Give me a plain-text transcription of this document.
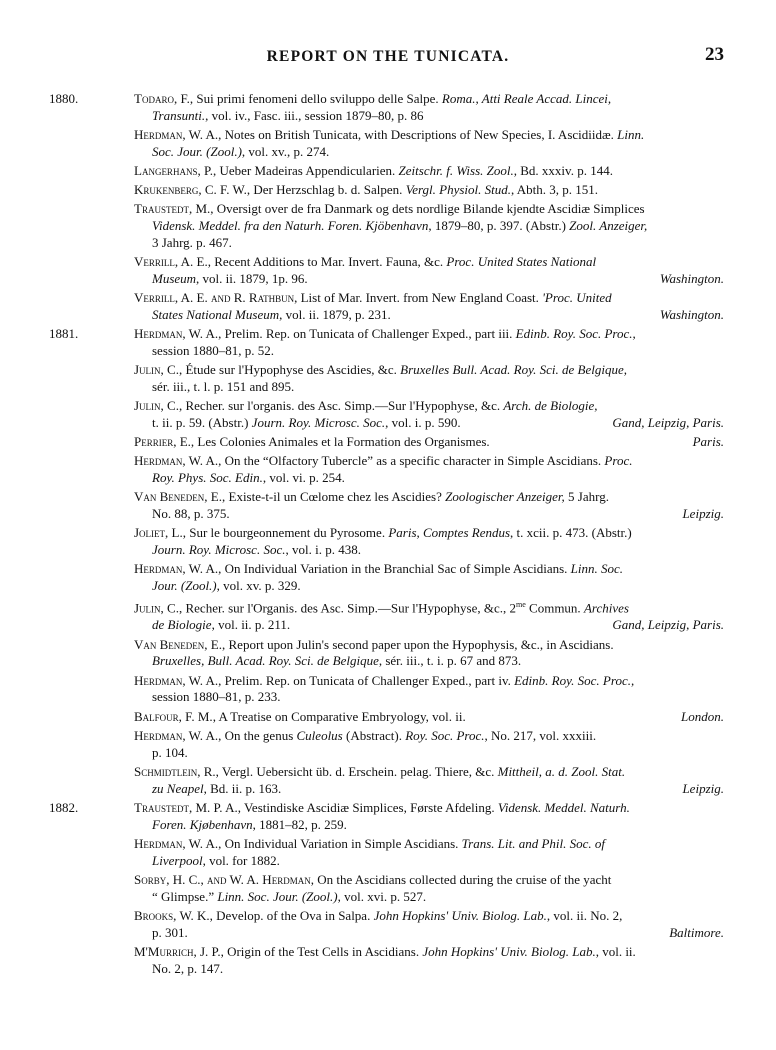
REPORT ON THE TUNICATA.	23
1880.	Todaro, F., Sui primi fenomeni dello sviluppo delle Salpe. Roma., Atti Reale Accad. Lincei,
Transunti., vol. iv., Fasc. iii., session 1879–80, p. 86
Herdman, W. A., Notes on British Tunicata, with Descriptions of New Species, I. Ascidiidæ. Linn.
Soc. Jour. (Zool.), vol. xv., p. 274.
Langerhans, P., Ueber Madeiras Appendicularien. Zeitschr. f. Wiss. Zool., Bd. xxxiv. p. 144.
Krukenberg, C. F. W., Der Herzschlag b. d. Salpen. Vergl. Physiol. Stud., Abth. 3, p. 151.
Traustedt, M., Oversigt over de fra Danmark og dets nordlige Bilande kjendte Ascidiæ Simplices
Vidensk. Meddel. fra den Naturh. Foren. Kjöbenhavn, 1879–80, p. 397. (Abstr.) Zool. Anzeiger,
3 Jahrg. p. 467.
Verrill, A. E., Recent Additions to Mar. Invert. Fauna, &c. Proc. United States National
Museum, vol. ii. 1879, 1p. 96.	Washington.
Verrill, A. E. and R. Rathbun, List of Mar. Invert. from New England Coast. 'Proc. United
States National Museum, vol. ii. 1879, p. 231.	Washington.
1881.	Herdman, W. A., Prelim. Rep. on Tunicata of Challenger Exped., part iii. Edinb. Roy. Soc. Proc.,
session 1880–81, p. 52.
Julin, C., Étude sur l'Hypophyse des Ascidies, &c. Bruxelles Bull. Acad. Roy. Sci. de Belgique,
sér. iii., t. l. p. 151 and 895.
Julin, C., Recher. sur l'organis. des Asc. Simp.—Sur l'Hypophyse, &c. Arch. de Biologie,
t. ii. p. 59. (Abstr.) Journ. Roy. Microsc. Soc., vol. i. p. 590.	Gand, Leipzig, Paris.
Perrier, E., Les Colonies Animales et la Formation des Organismes.	Paris.
Herdman, W. A., On the “Olfactory Tubercle” as a specific character in Simple Ascidians. Proc.
Roy. Phys. Soc. Edin., vol. vi. p. 254.
Van Beneden, E., Existe-t-il un Cœlome chez les Ascidies? Zoologischer Anzeiger, 5 Jahrg.
No. 88, p. 375.	Leipzig.
Joliet, L., Sur le bourgeonnement du Pyrosome. Paris, Comptes Rendus, t. xcii. p. 473. (Abstr.)
Journ. Roy. Microsc. Soc., vol. i. p. 438.
Herdman, W. A., On Individual Variation in the Branchial Sac of Simple Ascidians. Linn. Soc.
Jour. (Zool.), vol. xv. p. 329.
Julin, C., Recher. sur l'Organis. des Asc. Simp.—Sur l'Hypophyse, &c., $2^{me}$ Commun. Archives
de Biologie, vol. ii. p. 211.	Gand, Leipzig, Paris.
Van Beneden, E., Report upon Julin's second paper upon the Hypophysis, &c., in Ascidians.
Bruxelles, Bull. Acad. Roy. Sci. de Belgique, sér. iii., t. i. p. 67 and 873.
Herdman, W. A., Prelim. Rep. on Tunicata of Challenger Exped., part iv. Edinb. Roy. Soc. Proc.,
session 1880–81, p. 233.
Balfour, F. M., A Treatise on Comparative Embryology, vol. ii.	London.
Herdman, W. A., On the genus Culeolus (Abstract). Roy. Soc. Proc., No. 217, vol. xxxiii.
p. 104.
Schmidtlein, R., Vergl. Uebersicht üb. d. Erschein. pelag. Thiere, &c. Mittheil, a. d. Zool. Stat.
zu Neapel, Bd. ii. p. 163.	Leipzig.
1882.	Traustedt, M. P. A., Vestindiske Ascidiæ Simplices, Første Afdeling. Vidensk. Meddel. Naturh.
Foren. Kjøbenhavn, 1881–82, p. 259.
Herdman, W. A., On Individual Variation in Simple Ascidians. Trans. Lit. and Phil. Soc. of
Liverpool, vol. for 1882.
Sorby, H. C., and W. A. Herdman, On the Ascidians collected during the cruise of the yacht
“ Glimpse.” Linn. Soc. Jour. (Zool.), vol. xvi. p. 527.
Brooks, W. K., Develop. of the Ova in Salpa. John Hopkins' Univ. Biolog. Lab., vol. ii. No. 2,
p. 301.	Baltimore.
M'Murrich, J. P., Origin of the Test Cells in Ascidians. John Hopkins' Univ. Biolog. Lab., vol. ii.
No. 2, p. 147.
